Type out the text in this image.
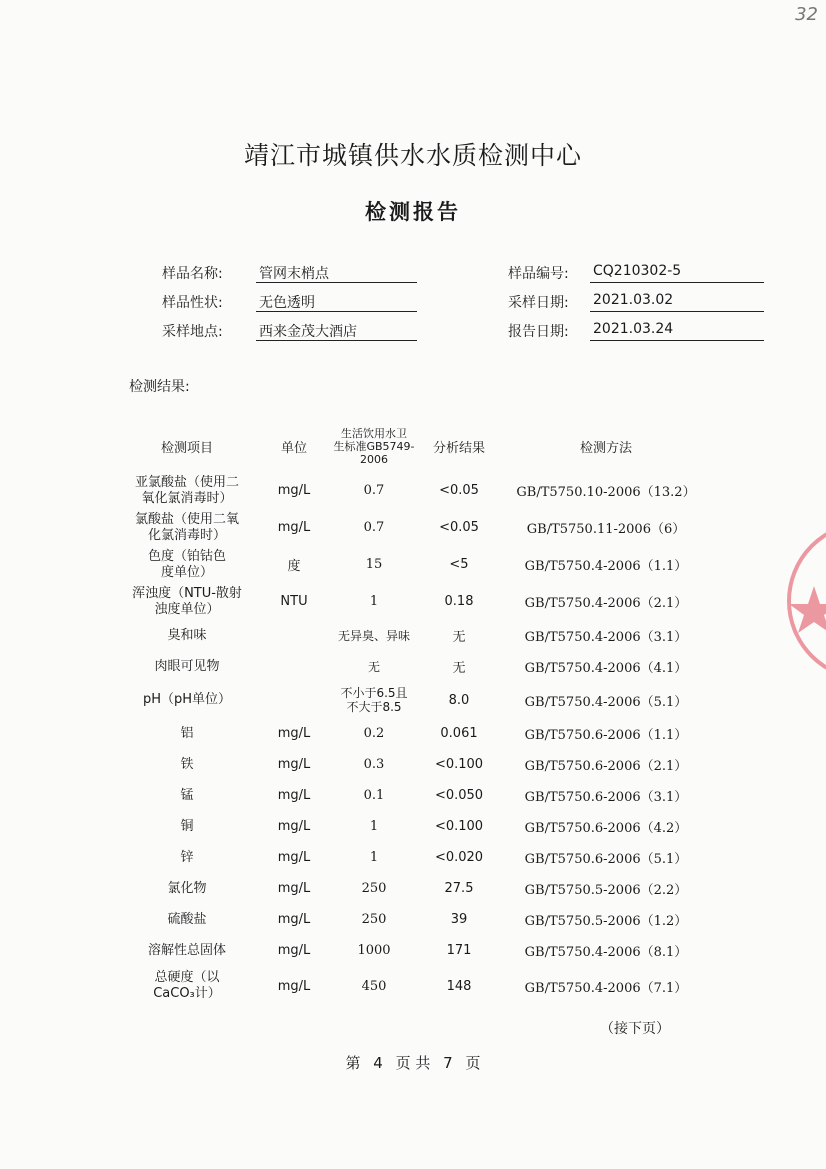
32
靖江市城镇供水水质检测中心
检测报告
样品名称:	管网末梢点	样品编号: CQ210302-5
样品性状:	无色透明	采样日期: 2021.03.02
采样地点:	西来金茂大酒店	报告日期: 2021.03.24
检测结果:
检测项目	单位	生活饮用水卫
生标准GB5749-
2006	分析结果	检测方法
亚氯酸盐（使用二氧化氯消毒时）	mg/L	0.7	<0.05	GB/T5750.10-2006（13.2）
氯酸盐（使用二氧化氯消毒时）	mg/L	0.7	<0.05	GB/T5750.11-2006（6）
色度（铂钴色度单位）	度	15	<5	GB/T5750.4-2006（1.1）
浑浊度（NTU-散射浊度单位）	NTU	1	0.18	GB/T5750.4-2006（2.1）
臭和味		无异臭、异味	无	GB/T5750.4-2006（3.1）
肉眼可见物		无	无	GB/T5750.4-2006（4.1）
pH（pH单位）		不小于6.5且不大于8.5	8.0	GB/T5750.4-2006（5.1）
铝	mg/L	0.2	0.061	GB/T5750.6-2006（1.1）
铁	mg/L	0.3	<0.100	GB/T5750.6-2006（2.1）
锰	mg/L	0.1	<0.050	GB/T5750.6-2006（3.1）
铜	mg/L	1	<0.100	GB/T5750.6-2006（4.2）
锌	mg/L	1	<0.020	GB/T5750.6-2006（5.1）
氯化物	mg/L	250	27.5	GB/T5750.5-2006（2.2）
硫酸盐	mg/L	250	39	GB/T5750.5-2006（1.2）
溶解性总固体	mg/L	1000	171	GB/T5750.4-2006（8.1）
总硬度（以CaCO₃计）	mg/L	450	148	GB/T5750.4-2006（7.1）
（接下页）
第 4 页 共 7 页
